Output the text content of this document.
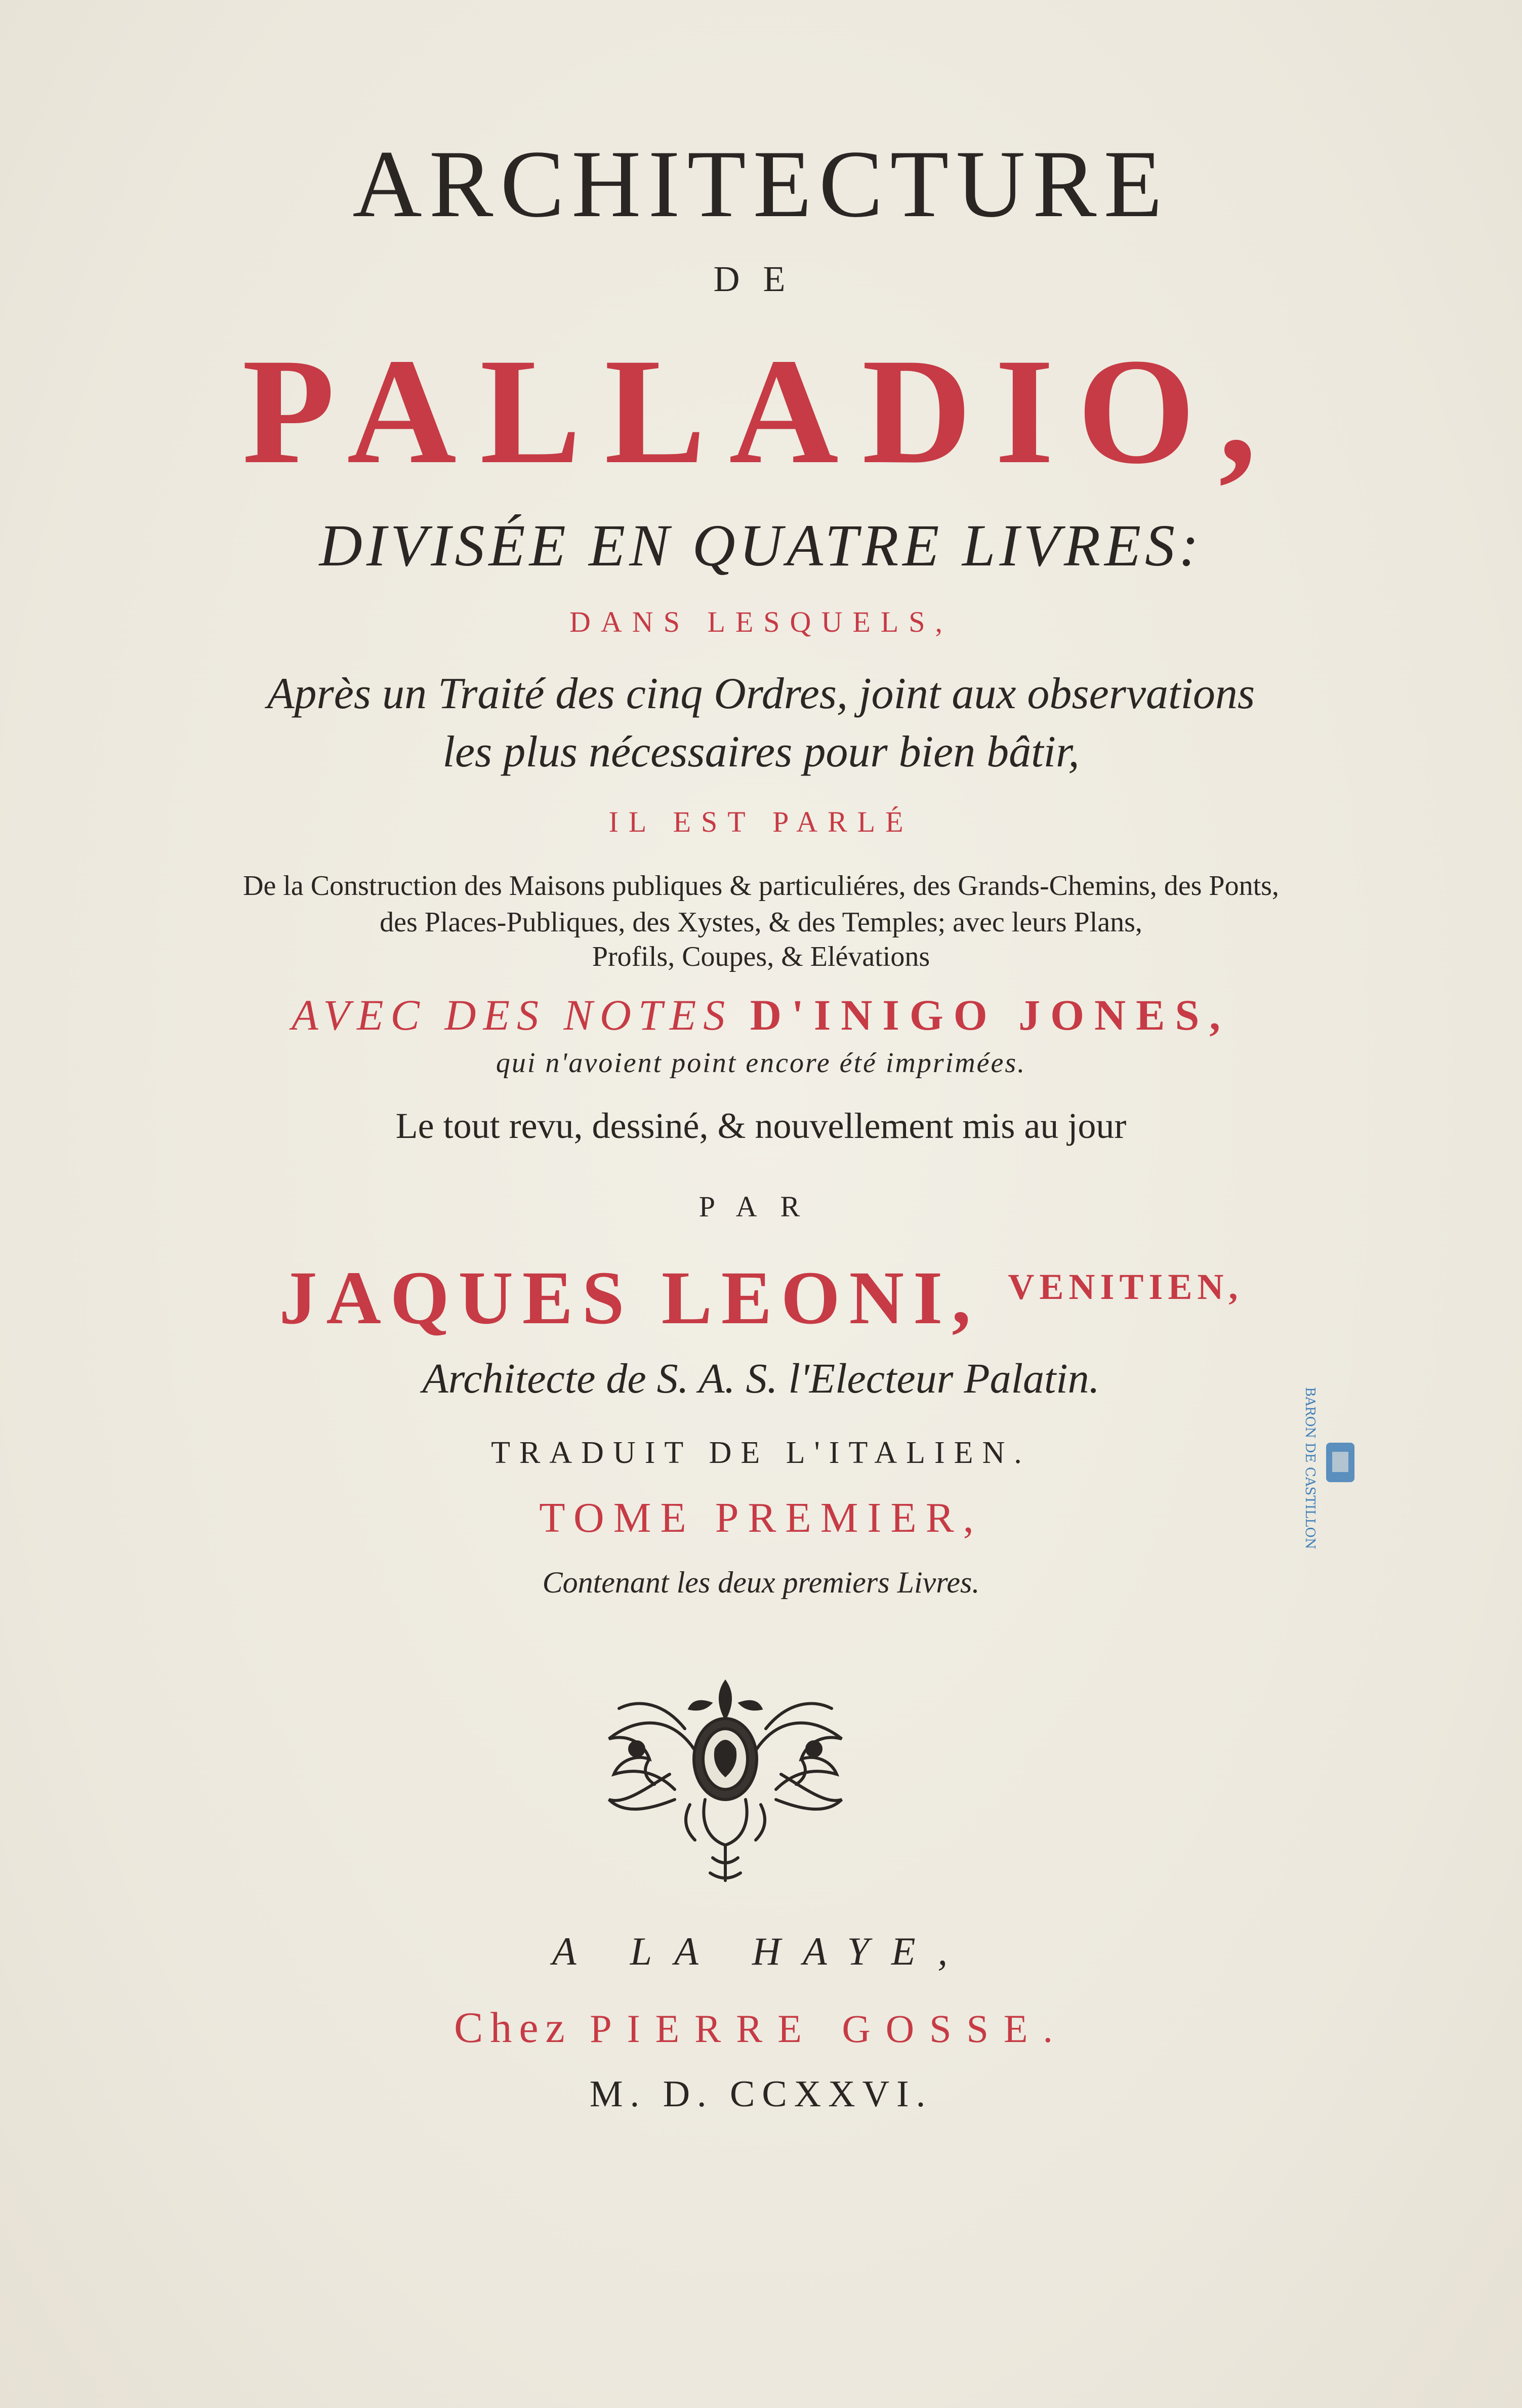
ARCHITECTURE

DE

PALLADIO,

DIVISÉE EN QUATRE LIVRES:

DANS LESQUELS,

Après un Traité des cinq Ordres, joint aux observations

les plus nécessaires pour bien bâtir,

IL EST PARLÉ

De la Construction des Maisons publiques & particuliéres, des Grands-Chemins, des Ponts,

des Places-Publiques, des Xystes, & des Temples; avec leurs Plans,

Profils, Coupes, & Elévations

AVEC DES NOTES D'INIGO JONES,

qui n'avoient point encore été imprimées.

Le tout revu, dessiné, & nouvellement mis au jour

PAR

JAQUES LEONI, $^{VENITIEN,}$

Architecte de S. A. S. l'Electeur Palatin.

TRADUIT DE L'ITALIEN.

TOME PREMIER,

Contenant les deux premiers Livres.

A LA HAYE,

Chez PIERRE GOSSE.

M. D. CCXXVI.

BARON DE CASTILLON
